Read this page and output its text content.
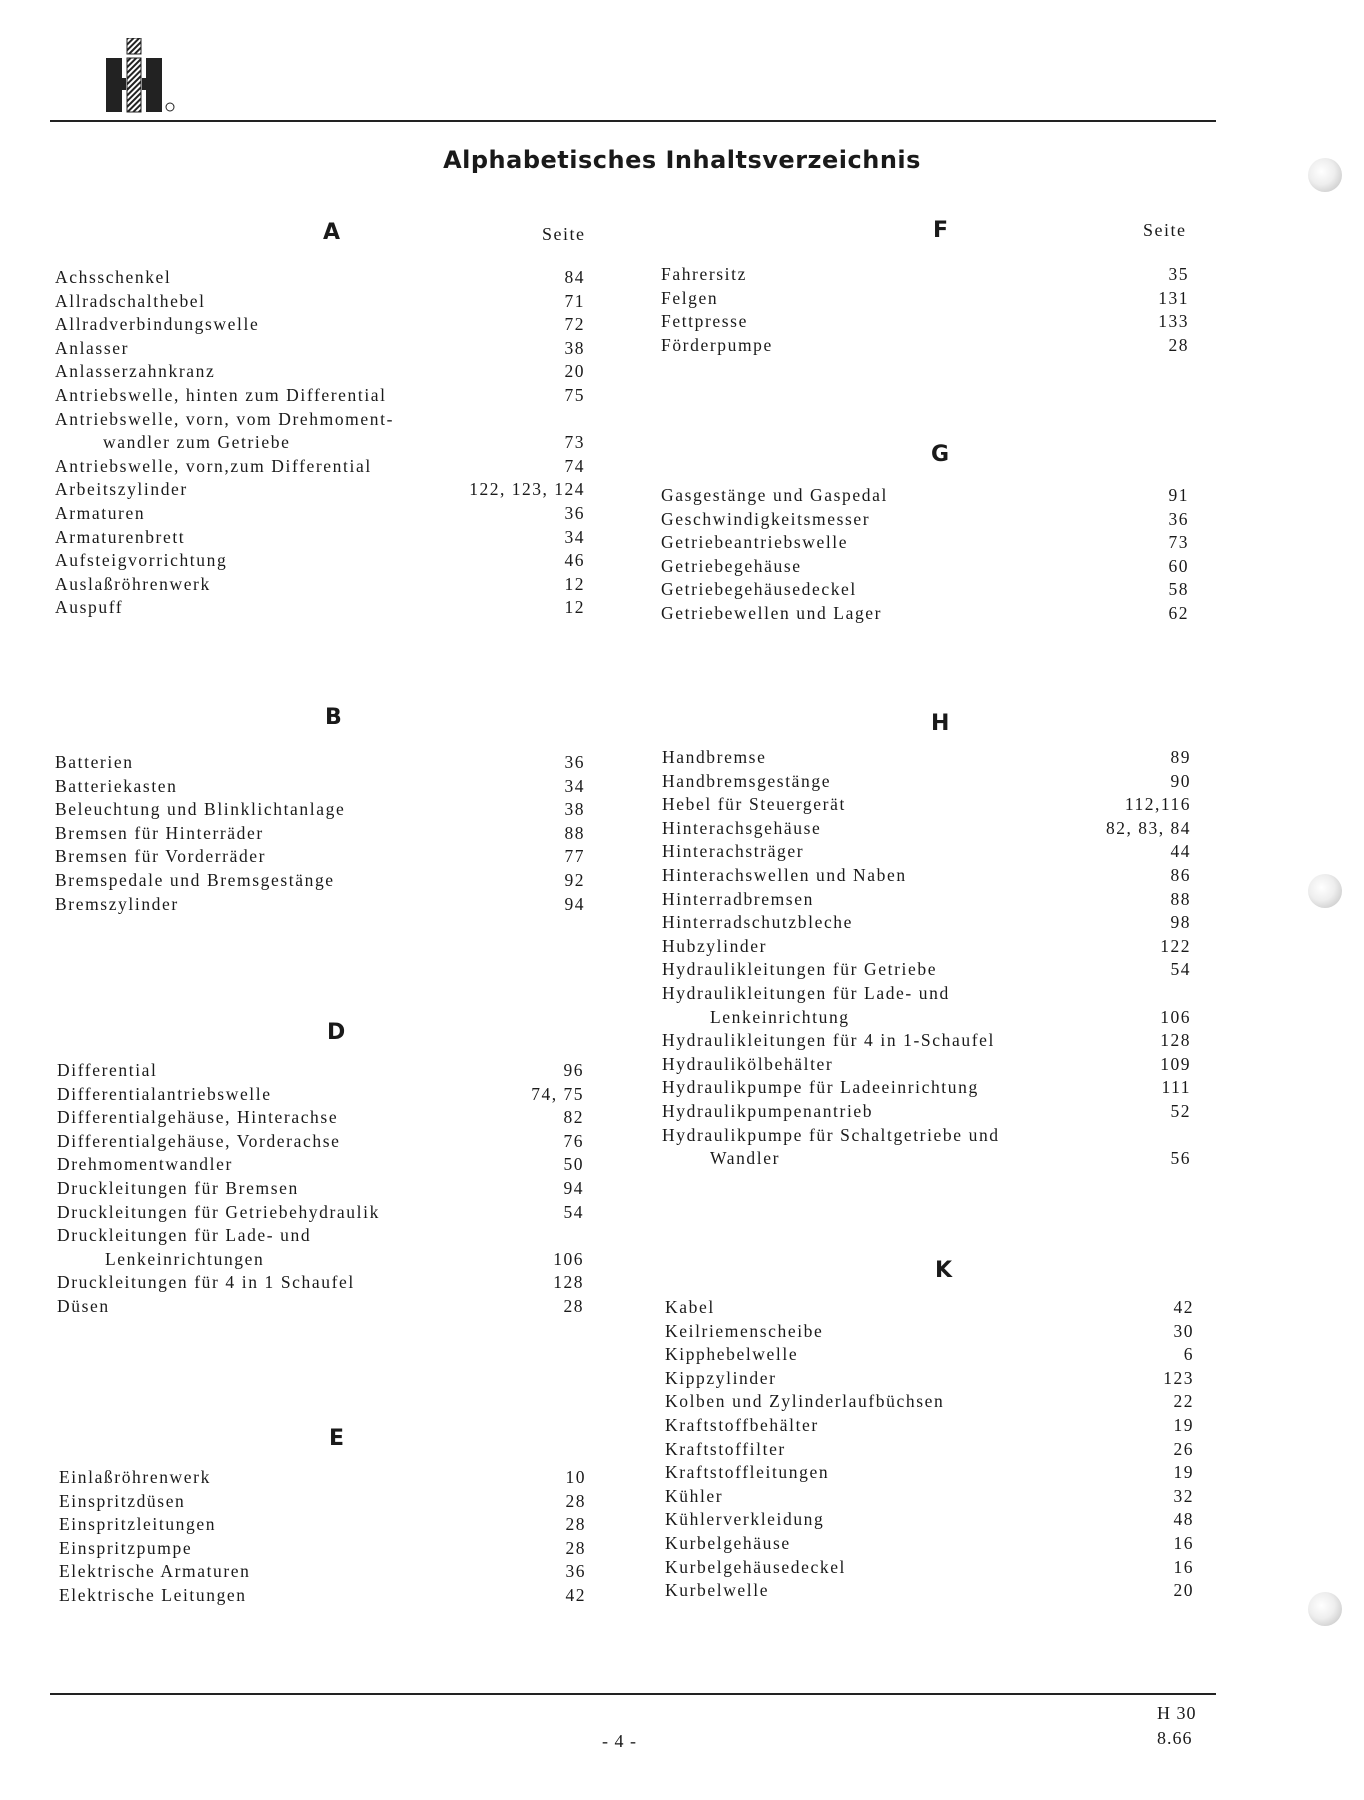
Alphabetisches Inhaltsverzeichnis
Seite	Seite
A
Achsschenkel	84
Allradschalthebel	71
Allradverbindungswelle	72
Anlasser	38
Anlasserzahnkranz	20
Antriebswelle, hinten zum Differential	75
Antriebswelle, vorn, vom Drehmoment-
wandler zum Getriebe	73
Antriebswelle, vorn,zum Differential	74
Arbeitszylinder	122, 123, 124
Armaturen	36
Armaturenbrett	34
Aufsteigvorrichtung	46
Auslaßröhrenwerk	12
Auspuff	12
B
Batterien	36
Batteriekasten	34
Beleuchtung und Blinklichtanlage	38
Bremsen für Hinterräder	88
Bremsen für Vorderräder	77
Bremspedale und Bremsgestänge	92
Bremszylinder	94
D
Differential	96
Differentialantriebswelle	74, 75
Differentialgehäuse, Hinterachse	82
Differentialgehäuse, Vorderachse	76
Drehmomentwandler	50
Druckleitungen für Bremsen	94
Druckleitungen für Getriebehydraulik	54
Druckleitungen für Lade- und
Lenkeinrichtungen	106
Druckleitungen für 4 in 1 Schaufel	128
Düsen	28
E
Einlaßröhrenwerk	10
Einspritzdüsen	28
Einspritzleitungen	28
Einspritzpumpe	28
Elektrische Armaturen	36
Elektrische Leitungen	42
F
Fahrersitz	35
Felgen	131
Fettpresse	133
Förderpumpe	28
G
Gasgestänge und Gaspedal	91
Geschwindigkeitsmesser	36
Getriebeantriebswelle	73
Getriebegehäuse	60
Getriebegehäusedeckel	58
Getriebewellen und Lager	62
H
Handbremse	89
Handbremsgestänge	90
Hebel für Steuergerät	112,116
Hinterachsgehäuse	82, 83, 84
Hinterachsträger	44
Hinterachswellen und Naben	86
Hinterradbremsen	88
Hinterradschutzbleche	98
Hubzylinder	122
Hydraulikleitungen für Getriebe	54
Hydraulikleitungen für Lade- und
Lenkeinrichtung	106
Hydraulikleitungen für 4 in 1-Schaufel	128
Hydraulikölbehälter	109
Hydraulikpumpe für Ladeeinrichtung	111
Hydraulikpumpenantrieb	52
Hydraulikpumpe für Schaltgetriebe und
Wandler	56
K
Kabel	42
Keilriemenscheibe	30
Kipphebelwelle	6
Kippzylinder	123
Kolben und Zylinderlaufbüchsen	22
Kraftstoffbehälter	19
Kraftstoffilter	26
Kraftstoffleitungen	19
Kühler	32
Kühlerverkleidung	48
Kurbelgehäuse	16
Kurbelgehäusedeckel	16
Kurbelwelle	20
- 4 -
H 30
8.66
